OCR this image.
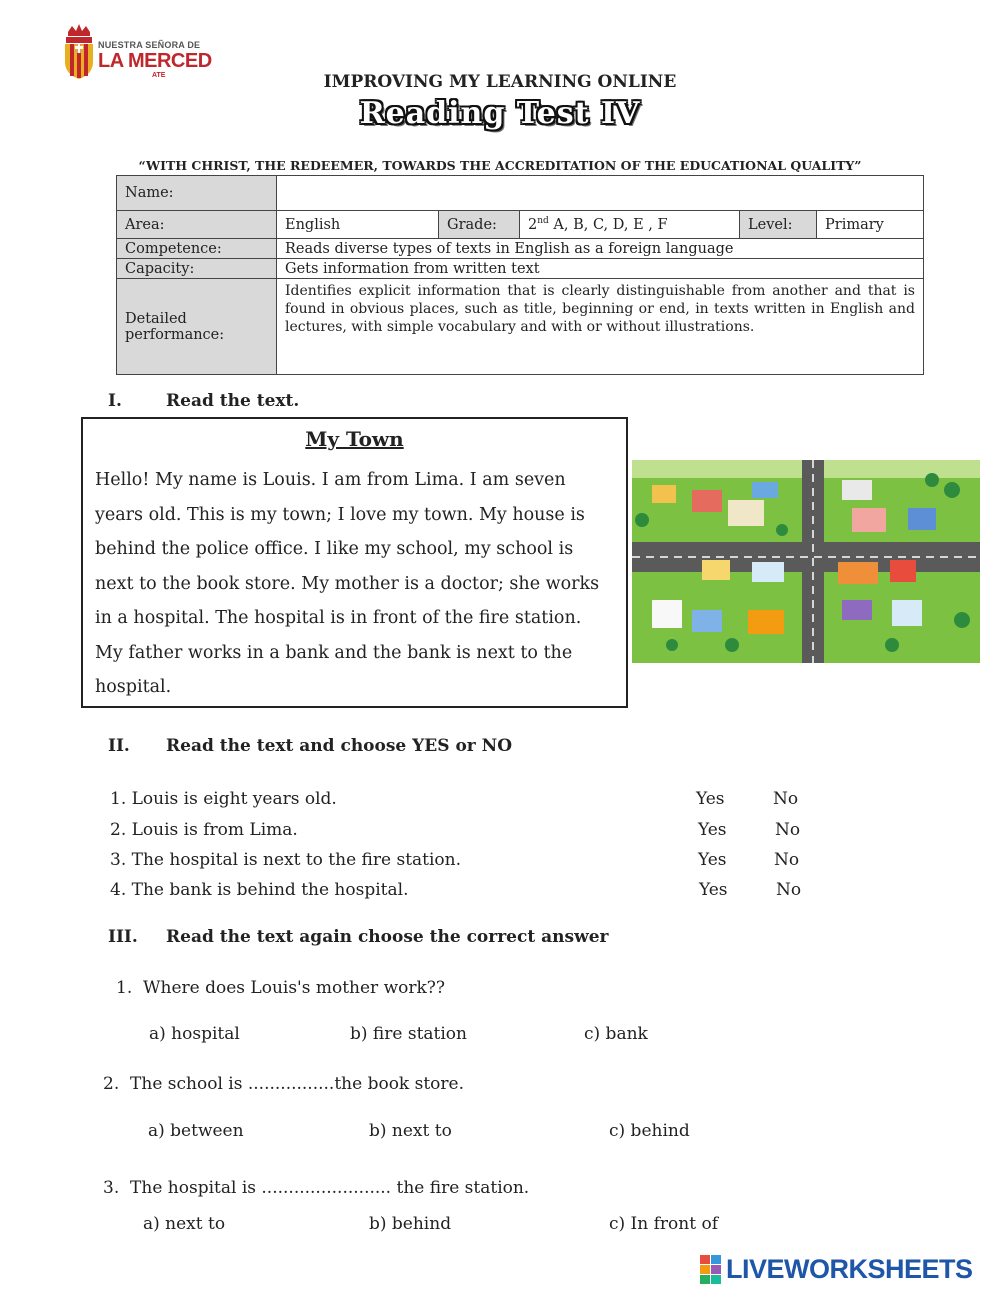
NUESTRA SEÑORA DE
LA MERCED
ATE	IMPROVING MY LEARNING ONLINE
Reading Test IV
“WITH CHRIST, THE REDEEMER, TOWARDS THE ACCREDITATION OF THE EDUCATIONAL QUALITY”
Name:					
Area:	English	Grade:	2nd A, B, C, D, E , F	Level:	Primary
Competence:	Reads diverse types of texts in English as a foreign language				
Capacity:	Gets information from written text				
Detailed performance:	Identifies explicit information that is clearly distinguishable from another and that is found in obvious places, such as title, beginning or end, in texts written in English and lectures, with simple vocabulary and with or without illustrations.				
I.	Read the text.
My Town
Hello! My name is Louis. I am from Lima. I am seven years old. This is my town; I love my town. My house is behind the police office. I like my school, my school is next to the book store. My mother is a doctor; she works in a hospital. The hospital is in front of the fire station. My father works in a bank and the bank is next to the hospital.
II. Read the text and choose YES or NO
1. Louis is eight years old.	Yes	No
2. Louis is from Lima.	Yes	No
3. The hospital is next to the fire station.	Yes	No
4. The bank is behind the hospital.	Yes	No
III. Read the text again choose the correct answer
1. Where does Louis's mother work??
a) hospital	b) fire station	c) bank
2. The school is ................the book store.
a) between	b) next to	c) behind
3. The hospital is ........................ the fire station.
a) next to	b) behind	c) In front of
LIVEWORKSHEETS
